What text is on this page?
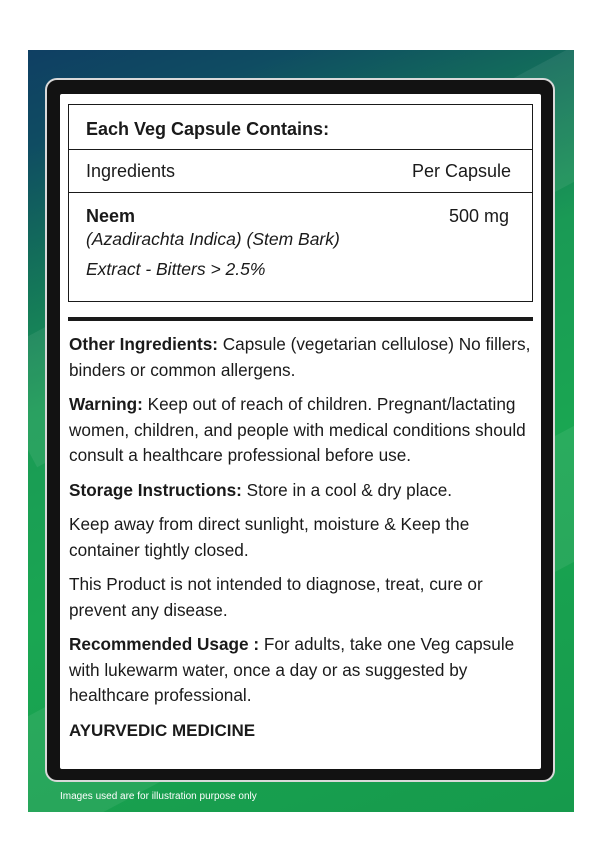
Each Veg Capsule Contains:
Ingredients	Per Capsule
Neem	500 mg
(Azadirachta Indica) (Stem Bark)
Extract - Bitters > 2.5%

Other Ingredients: Capsule (vegetarian cellulose) No fillers, binders or common allergens.

Warning: Keep out of reach of children. Pregnant/lactating women, children, and people with medical conditions should consult a healthcare professional before use.

Storage Instructions: Store in a cool & dry place.

Keep away from direct sunlight, moisture & Keep the container tightly closed.

This Product is not intended to diagnose, treat, cure or prevent any disease.

Recommended Usage : For adults, take one Veg capsule with lukewarm water, once a day or as suggested by healthcare professional.

AYURVEDIC MEDICINE
Images used are for illustration purpose only
